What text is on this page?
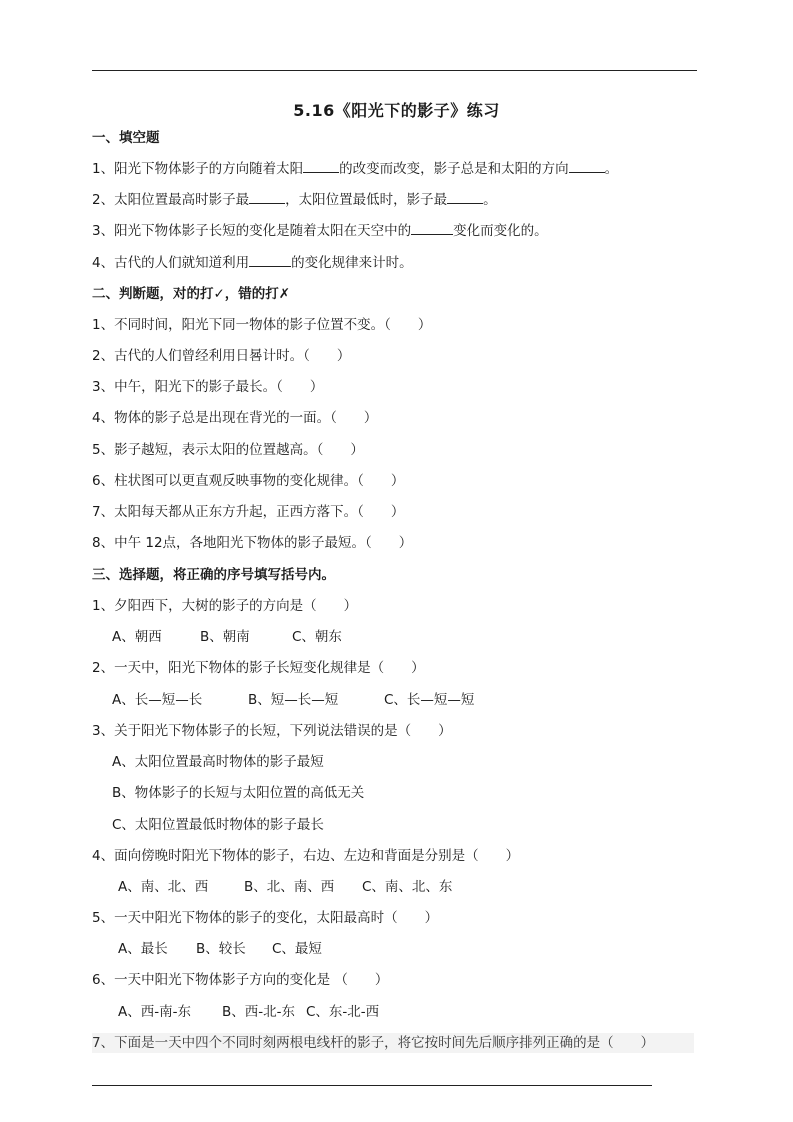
5.16《阳光下的影子》练习
一、填空题
1、阳光下物体影子的方向随着太阳	的改变而改变，影子总是和太阳的方向	。
2、太阳位置最高时影子最	，太阳位置最低时，影子最	。
3、阳光下物体影子长短的变化是随着太阳在天空中的	变化而变化的。
4、古代的人们就知道利用	的变化规律来计时。
二、判断题，对的打✓，错的打✗
1、不同时间，阳光下同一物体的影子位置不变。（　　）
2、古代的人们曾经利用日晷计时。（　　）
3、中午，阳光下的影子最长。（　　）
4、物体的影子总是出现在背光的一面。（　　）
5、影子越短，表示太阳的位置越高。（　　）
6、柱状图可以更直观反映事物的变化规律。（　　）
7、太阳每天都从正东方升起，正西方落下。（　　）
8、中午 12点，各地阳光下物体的影子最短。（　　）
三、选择题，将正确的序号填写括号内。
1、夕阳西下，大树的影子的方向是（　　）
A、朝西	B、朝南	C、朝东
2、一天中，阳光下物体的影子长短变化规律是（　　）
A、长—短—长	B、短—长—短	C、长—短—短
3、关于阳光下物体影子的长短，下列说法错误的是（　　）
A、太阳位置最高时物体的影子最短
B、物体影子的长短与太阳位置的高低无关
C、太阳位置最低时物体的影子最长
4、面向傍晚时阳光下物体的影子，右边、左边和背面是分别是（　　）
A、南、北、西	B、北、南、西 C、南、北、东
5、一天中阳光下物体的影子的变化，太阳最高时（　　）
A、最长 B、较长 C、最短
6、一天中阳光下物体影子方向的变化是 （　　）
A、西-南-东 B、西-北-东 C、东-北-西
7、下面是一天中四个不同时刻两根电线杆的影子，将它按时间先后顺序排列正确的是（　　）
